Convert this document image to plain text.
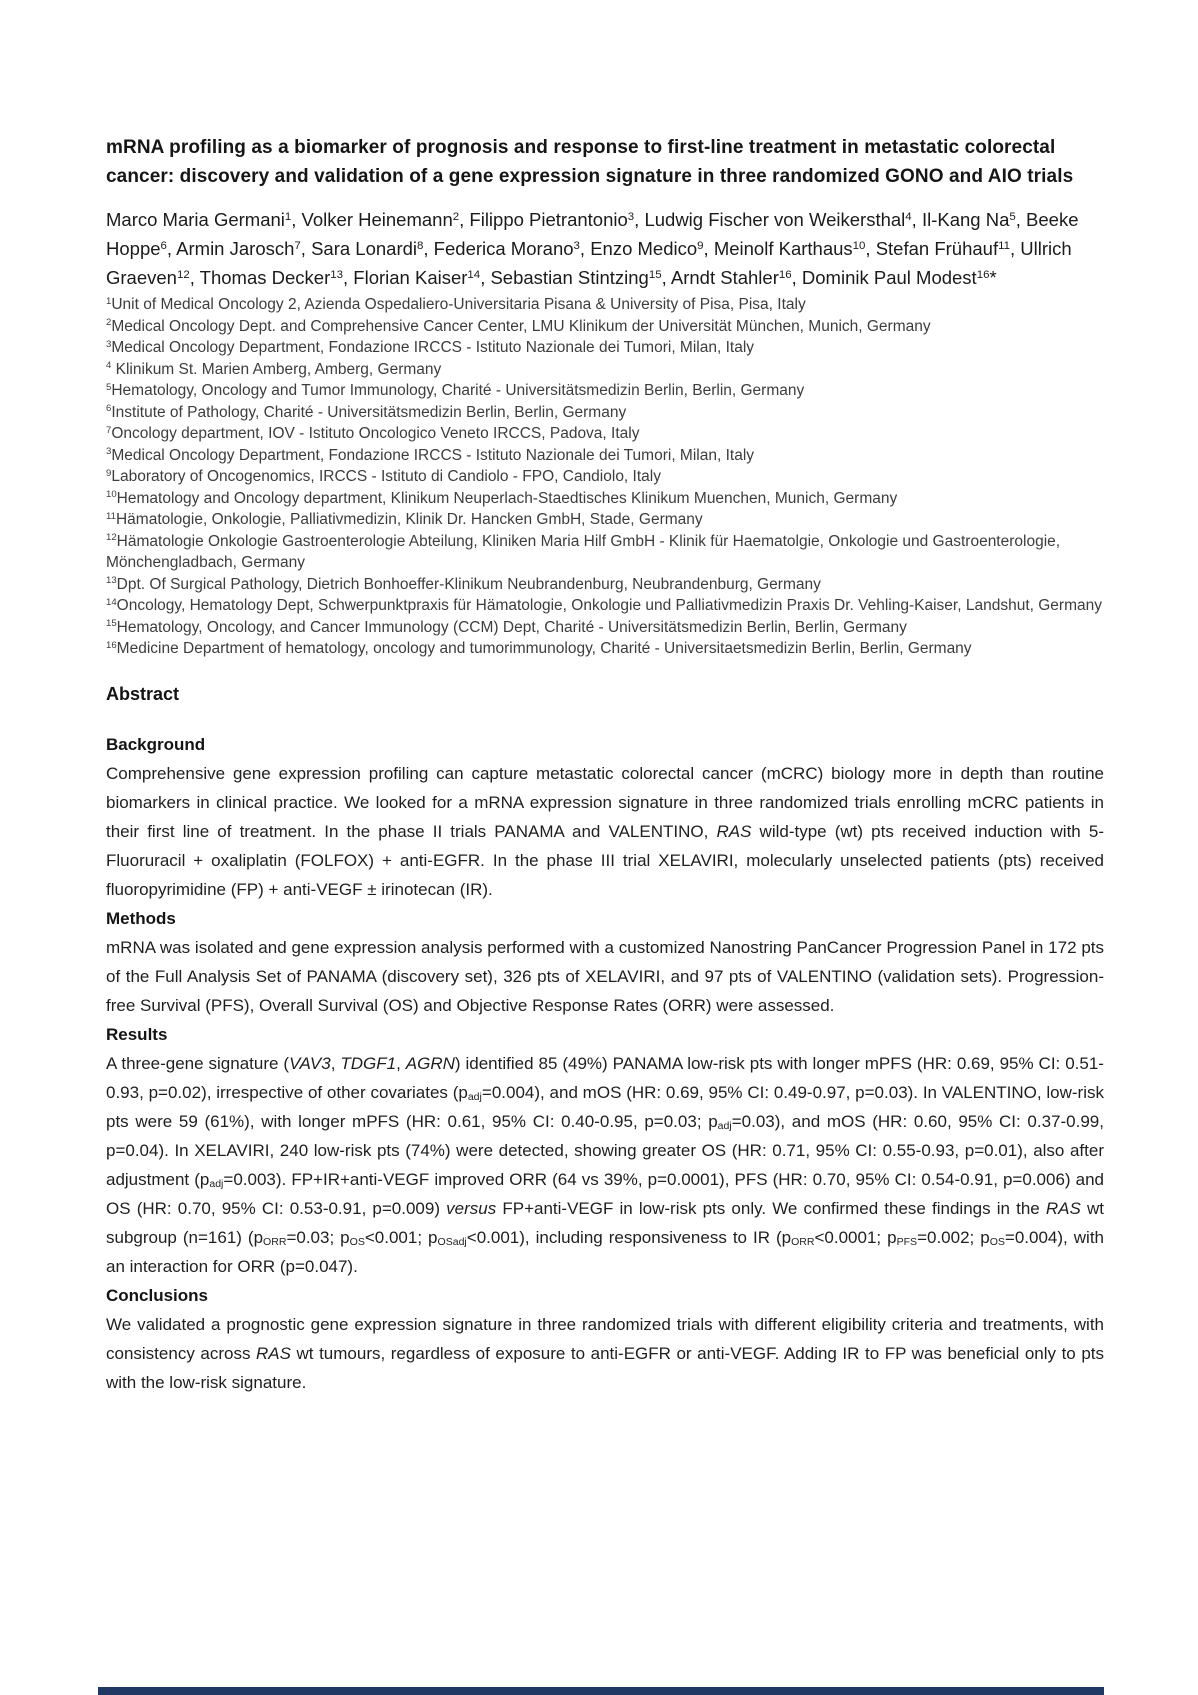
mRNA profiling as a biomarker of prognosis and response to first-line treatment in metastatic colorectal cancer: discovery and validation of a gene expression signature in three randomized GONO and AIO trials

Marco Maria Germani$^1$, Volker Heinemann$^2$, Filippo Pietrantonio$^3$, Ludwig Fischer von Weikersthal$^4$, Il-Kang Na$^5$, Beeke Hoppe$^6$, Armin Jarosch$^7$, Sara Lonardi$^8$, Federica Morano$^3$, Enzo Medico$^9$, Meinolf Karthaus$^{10}$, Stefan Frühauf$^{11}$, Ullrich Graeven$^{12}$, Thomas Decker$^{13}$, Florian Kaiser$^{14}$, Sebastian Stintzing$^{15}$, Arndt Stahler$^{16}$, Dominik Paul Modest$^{16}$*

$^1$Unit of Medical Oncology 2, Azienda Ospedaliero-Universitaria Pisana & University of Pisa, Pisa, Italy
$^2$Medical Oncology Dept. and Comprehensive Cancer Center, LMU Klinikum der Universität München, Munich, Germany
$^3$Medical Oncology Department, Fondazione IRCCS - Istituto Nazionale dei Tumori, Milan, Italy
$^4$ Klinikum St. Marien Amberg, Amberg, Germany
$^5$Hematology, Oncology and Tumor Immunology, Charité - Universitätsmedizin Berlin, Berlin, Germany
$^6$Institute of Pathology, Charité - Universitätsmedizin Berlin, Berlin, Germany
$^7$Oncology department, IOV - Istituto Oncologico Veneto IRCCS, Padova, Italy
$^3$Medical Oncology Department, Fondazione IRCCS - Istituto Nazionale dei Tumori, Milan, Italy
$^9$Laboratory of Oncogenomics, IRCCS - Istituto di Candiolo - FPO, Candiolo, Italy
$^{10}$Hematology and Oncology department, Klinikum Neuperlach-Staedtisches Klinikum Muenchen, Munich, Germany
$^{11}$Hämatologie, Onkologie, Palliativmedizin, Klinik Dr. Hancken GmbH, Stade, Germany
$^{12}$Hämatologie Onkologie Gastroenterologie Abteilung, Kliniken Maria Hilf GmbH - Klinik für Haematolgie, Onkologie und Gastroenterologie, Mönchengladbach, Germany
$^{13}$Dpt. Of Surgical Pathology, Dietrich Bonhoeffer-Klinikum Neubrandenburg, Neubrandenburg, Germany
$^{14}$Oncology, Hematology Dept, Schwerpunktpraxis für Hämatologie, Onkologie und Palliativmedizin Praxis Dr. Vehling-Kaiser, Landshut, Germany
$^{15}$Hematology, Oncology, and Cancer Immunology (CCM) Dept, Charité - Universitätsmedizin Berlin, Berlin, Germany
$^{16}$Medicine Department of hematology, oncology and tumorimmunology, Charité - Universitaetsmedizin Berlin, Berlin, Germany
Abstract
Background

Comprehensive gene expression profiling can capture metastatic colorectal cancer (mCRC) biology more in depth than routine biomarkers in clinical practice. We looked for a mRNA expression signature in three randomized trials enrolling mCRC patients in their first line of treatment. In the phase II trials PANAMA and VALENTINO, RAS wild-type (wt) pts received induction with 5-Fluoruracil + oxaliplatin (FOLFOX) + anti-EGFR. In the phase III trial XELAVIRI, molecularly unselected patients (pts) received fluoropyrimidine (FP) + anti-VEGF ± irinotecan (IR).

Methods

mRNA was isolated and gene expression analysis performed with a customized Nanostring PanCancer Progression Panel in 172 pts of the Full Analysis Set of PANAMA (discovery set), 326 pts of XELAVIRI, and 97 pts of VALENTINO (validation sets). Progression-free Survival (PFS), Overall Survival (OS) and Objective Response Rates (ORR) were assessed.

Results

A three-gene signature (VAV3, TDGF1, AGRN) identified 85 (49%) PANAMA low-risk pts with longer mPFS (HR: 0.69, 95% CI: 0.51-0.93, p=0.02), irrespective of other covariates $(p_{adj}=0.004)$, and mOS (HR: 0.69, 95% CI: 0.49-0.97, p=0.03). In VALENTINO, low-risk pts were 59 (61%), with longer mPFS (HR: 0.61, 95% CI: 0.40-0.95, p=0.03; $p_{adj}=0.03$), and mOS (HR: 0.60, 95% CI: 0.37-0.99, p=0.04). In XELAVIRI, 240 low-risk pts (74%) were detected, showing greater OS (HR: 0.71, 95% CI: 0.55-0.93, p=0.01), also after adjustment $(p_{adj}=0.003)$. FP+IR+anti-VEGF improved ORR (64 vs 39%, p=0.0001), PFS (HR: 0.70, 95% CI: 0.54-0.91, p=0.006) and OS (HR: 0.70, 95% CI: 0.53-0.91, p=0.009) versus FP+anti-VEGF in low-risk pts only. We confirmed these findings in the RAS wt subgroup (n=161) ($p_{ORR}=0.03$; $p_{OS}<0.001$; $p_{OSadj}<0.001$), including responsiveness to IR ($p_{ORR}<0.0001$; $p_{PFS}=0.002$; $p_{OS}=0.004$), with an interaction for ORR (p=0.047).

Conclusions

We validated a prognostic gene expression signature in three randomized trials with different eligibility criteria and treatments, with consistency across RAS wt tumours, regardless of exposure to anti-EGFR or anti-VEGF. Adding IR to FP was beneficial only to pts with the low-risk signature.
